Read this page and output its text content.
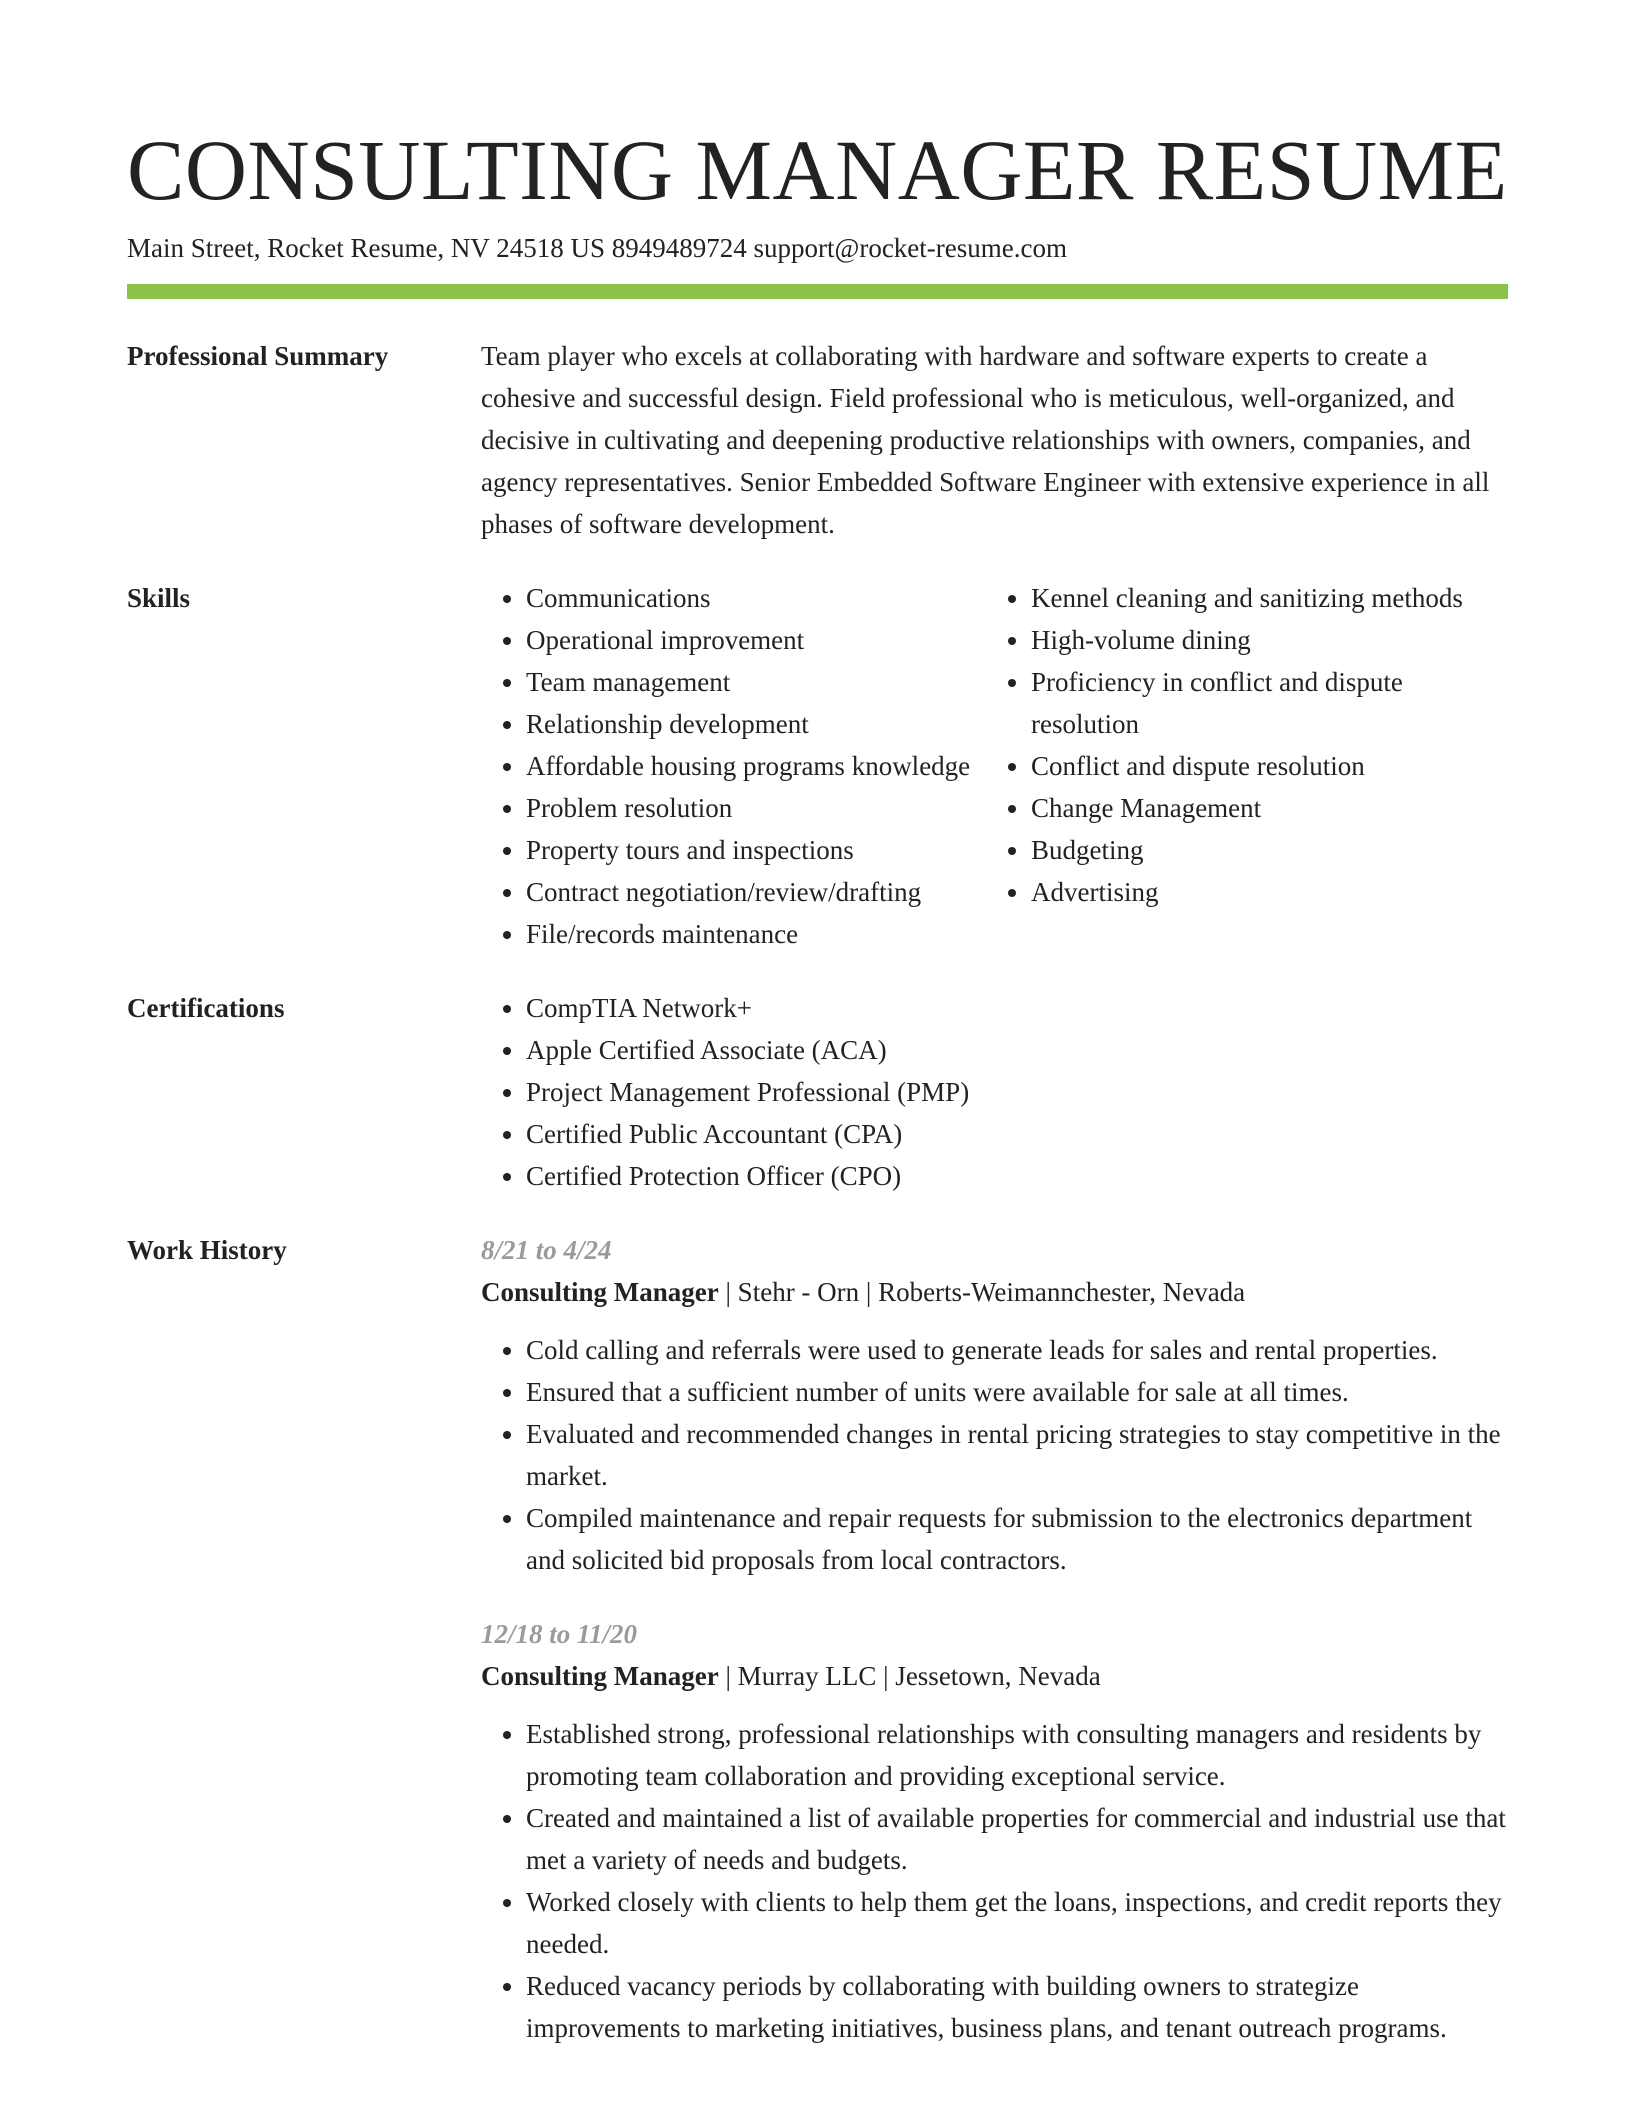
CONSULTING MANAGER RESUME
Main Street, Rocket Resume, NV 24518 US 8949489724 support@rocket-resume.com
Professional Summary	Team player who excels at collaborating with hardware and software experts to create a cohesive and successful design. Field professional who is meticulous, well-organized, and decisive in cultivating and deepening productive relationships with owners, companies, and agency representatives. Senior Embedded Software Engineer with extensive experience in all phases of software development.
Skills	• Communications
• Operational improvement
• Team management
• Relationship development
• Affordable housing programs knowledge
• Problem resolution
• Property tours and inspections
• Contract negotiation/review/drafting
• File/records maintenance
• Kennel cleaning and sanitizing methods
• High-volume dining
• Proficiency in conflict and dispute resolution
• Conflict and dispute resolution
• Change Management
• Budgeting
• Advertising
Certifications	• CompTIA Network+
• Apple Certified Associate (ACA)
• Project Management Professional (PMP)
• Certified Public Accountant (CPA)
• Certified Protection Officer (CPO)
Work History	8/21 to 4/24
Consulting Manager | Stehr - Orn | Roberts-Weimannchester, Nevada
• Cold calling and referrals were used to generate leads for sales and rental properties.
• Ensured that a sufficient number of units were available for sale at all times.
• Evaluated and recommended changes in rental pricing strategies to stay competitive in the market.
• Compiled maintenance and repair requests for submission to the electronics department and solicited bid proposals from local contractors.
12/18 to 11/20
Consulting Manager | Murray LLC | Jessetown, Nevada
• Established strong, professional relationships with consulting managers and residents by promoting team collaboration and providing exceptional service.
• Created and maintained a list of available properties for commercial and industrial use that met a variety of needs and budgets.
• Worked closely with clients to help them get the loans, inspections, and credit reports they needed.
• Reduced vacancy periods by collaborating with building owners to strategize improvements to marketing initiatives, business plans, and tenant outreach programs.
